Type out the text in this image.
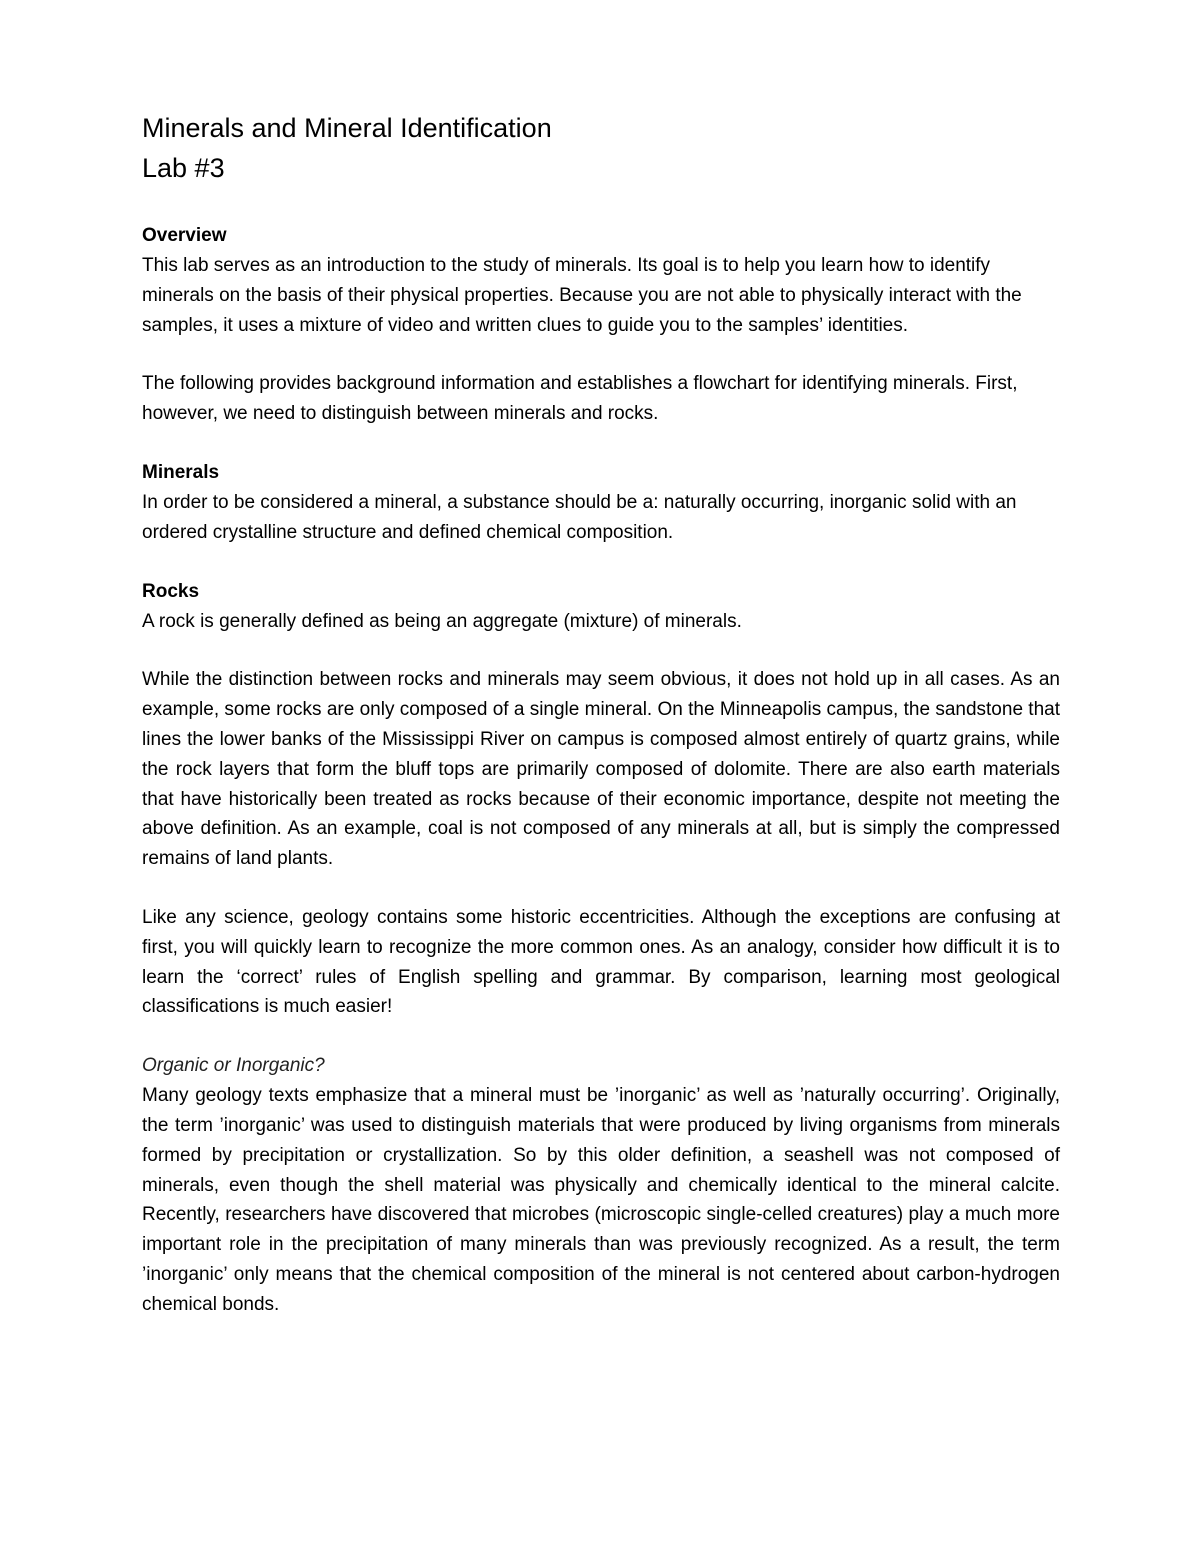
Minerals and Mineral Identification
Lab #3

Overview

This lab serves as an introduction to the study of minerals. Its goal is to help you learn how to identify minerals on the basis of their physical properties. Because you are not able to physically interact with the samples, it uses a mixture of video and written clues to guide you to the samples’ identities.

The following provides background information and establishes a flowchart for identifying minerals. First, however, we need to distinguish between minerals and rocks.

Minerals

In order to be considered a mineral, a substance should be a: naturally occurring, inorganic solid with an ordered crystalline structure and defined chemical composition.

Rocks

A rock is generally defined as being an aggregate (mixture) of minerals.

While the distinction between rocks and minerals may seem obvious, it does not hold up in all cases. As an example, some rocks are only composed of a single mineral. On the Minneapolis campus, the sandstone that lines the lower banks of the Mississippi River on campus is composed almost entirely of quartz grains, while the rock layers that form the bluff tops are primarily composed of dolomite. There are also earth materials that have historically been treated as rocks because of their economic importance, despite not meeting the above definition. As an example, coal is not composed of any minerals at all, but is simply the compressed remains of land plants.

Like any science, geology contains some historic eccentricities. Although the exceptions are confusing at first, you will quickly learn to recognize the more common ones. As an analogy, consider how difficult it is to learn the ‘correct’ rules of English spelling and grammar. By comparison, learning most geological classifications is much easier!

Organic or Inorganic?

Many geology texts emphasize that a mineral must be ’inorganic’ as well as ’naturally occurring’. Originally, the term ’inorganic’ was used to distinguish materials that were produced by living organisms from minerals formed by precipitation or crystallization. So by this older definition, a seashell was not composed of minerals, even though the shell material was physically and chemically identical to the mineral calcite. Recently, researchers have discovered that microbes (microscopic single-celled creatures) play a much more important role in the precipitation of many minerals than was previously recognized. As a result, the term ’inorganic’ only means that the chemical composition of the mineral is not centered about carbon-hydrogen chemical bonds.
